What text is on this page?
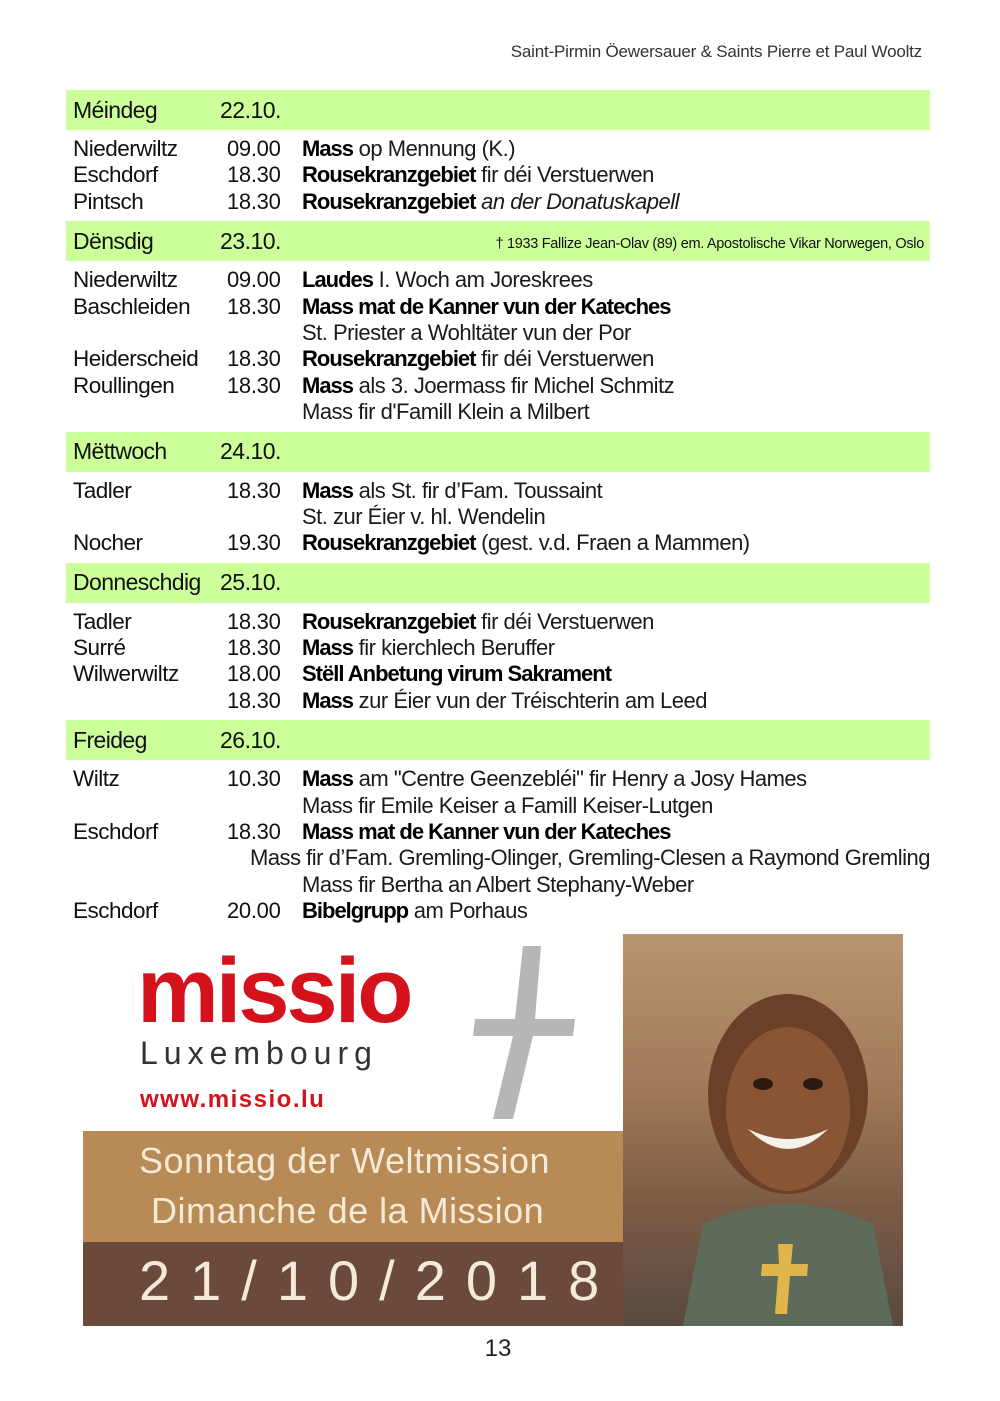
Saint-Pirmin Öewersauer & Saints Pierre et Paul Wooltz
Méindeg	22.10.
Niederwiltz	09.00 Mass op Mennung (K.)
Eschdorf	18.30 Rousekranzgebiet fir déi Verstuerwen
Pintsch	18.30 Rousekranzgebiet an der Donatuskapell
Dënsdig	23.10.	† 1933 Fallize Jean-Olav (89) em. Apostolische Vikar Norwegen, Oslo
Niederwiltz	09.00 Laudes I. Woch am Joreskrees
Baschleiden	18.30 Mass mat de Kanner vun der Kateches
St. Priester a Wohltäter vun der Por
Heiderscheid	18.30 Rousekranzgebiet fir déi Verstuerwen
Roullingen	18.30 Mass als 3. Joermass fir Michel Schmitz
Mass fir d'Famill Klein a Milbert
Mëttwoch 24.10.
Tadler	18.30 Mass als St. fir d’Fam. Toussaint
St. zur Éier v. hl. Wendelin
Nocher	19.30 Rousekranzgebiet (gest. v.d. Fraen a Mammen)
Donneschdig 25.10.
Tadler	18.30 Rousekranzgebiet fir déi Verstuerwen
Surré	18.30 Mass fir kierchlech Beruffer
Wilwerwiltz	18.00 Stëll Anbetung virum Sakrament
18.30 Mass zur Éier vun der Tréischterin am Leed
Freideg	26.10.
Wiltz	10.30 Mass am "Centre Geenzebléi" fir Henry a Josy Hames
Mass fir Emile Keiser a Famill Keiser-Lutgen
Eschdorf	18.30 Mass mat de Kanner vun der Kateches
Mass fir d’Fam. Gremling-Olinger, Gremling-Clesen a Raymond Gremling
Mass fir Bertha an Albert Stephany-Weber
Eschdorf	20.00 Bibelgrupp am Porhaus
missio
Luxembourg
www.missio.lu
Sonntag der Weltmission
Dimanche de la Mission
21/10/2018
13
